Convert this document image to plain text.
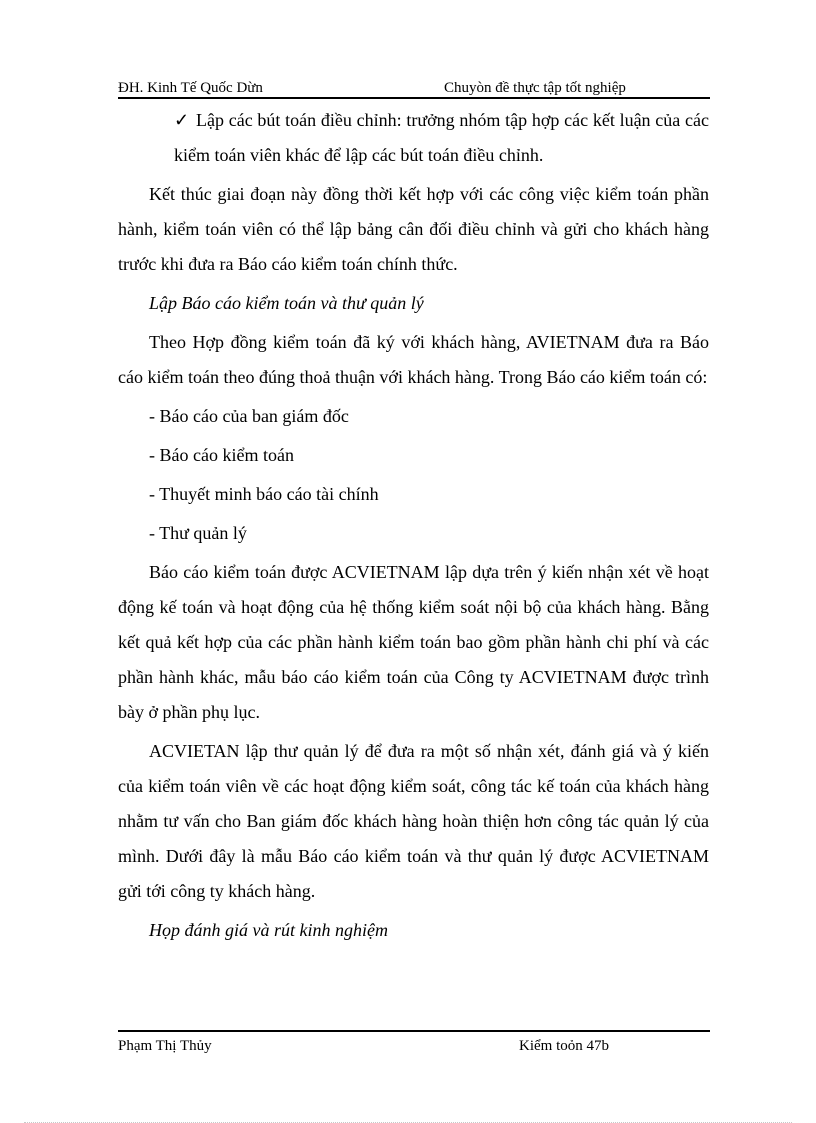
ĐH. Kinh Tế Quốc Dừn	Chuyòn đề thực tập tốt nghiệp

✓ Lập các bút toán điều chỉnh: trưởng nhóm tập hợp các kết luận của các kiểm toán viên khác để lập các bút toán điều chỉnh.

Kết thúc giai đoạn này đồng thời kết hợp với các công việc kiểm toán phần hành, kiểm toán viên có thể lập bảng cân đối điều chỉnh và gửi cho khách hàng trước khi đưa ra Báo cáo kiểm toán chính thức.

Lập Báo cáo kiểm toán và thư quản lý

Theo Hợp đồng kiểm toán đã ký với khách hàng, AVIETNAM đưa ra Báo cáo kiểm toán theo đúng thoả thuận với khách hàng. Trong Báo cáo kiểm toán có:

- Báo cáo của ban giám đốc

- Báo cáo kiểm toán

- Thuyết minh báo cáo tài chính

- Thư quản lý

Báo cáo kiểm toán được ACVIETNAM lập dựa trên ý kiến nhận xét về hoạt động kế toán và hoạt động của hệ thống kiểm soát nội bộ của khách hàng. Bằng kết quả kết hợp của các phần hành kiểm toán bao gồm phần hành chi phí và các phần hành khác, mẫu báo cáo kiểm toán của Công ty ACVIETNAM được trình bày ở phần phụ lục.

ACVIETAN lập thư quản lý để đưa ra một số nhận xét, đánh giá và ý kiến của kiểm toán viên về các hoạt động kiểm soát, công tác kế toán của khách hàng nhằm tư vấn cho Ban giám đốc khách hàng hoàn thiện hơn công tác quản lý của mình. Dưới đây là mẫu Báo cáo kiểm toán và thư quản lý được ACVIETNAM gửi tới công ty khách hàng.

Họp đánh giá và rút kinh nghiệm

Phạm Thị Thủy	Kiểm toỏn 47b
